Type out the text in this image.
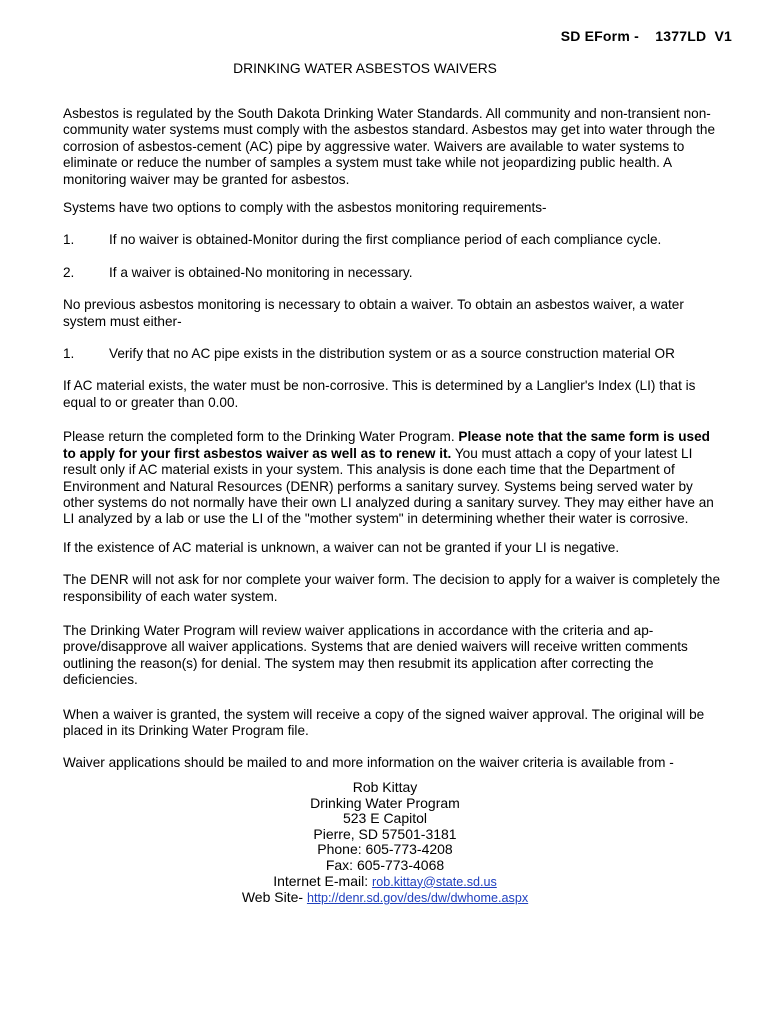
SD EForm -    1377LD  V1
DRINKING WATER ASBESTOS WAIVERS

Asbestos is regulated by the South Dakota Drinking Water Standards. All community and non-transient non-community water systems must comply with the asbestos standard. Asbestos may get into water through the corrosion of asbestos-cement (AC) pipe by aggressive water. Waivers are available to water systems to eliminate or reduce the number of samples a system must take while not jeopardizing public health. A monitoring waiver may be granted for asbestos.

Systems have two options to comply with the asbestos monitoring requirements-

1.	If no waiver is obtained-Monitor during the first compliance period of each compliance cycle.
2.	If a waiver is obtained-No monitoring in necessary.

No previous asbestos monitoring is necessary to obtain a waiver. To obtain an asbestos waiver, a water system must either-

1.	Verify that no AC pipe exists in the distribution system or as a source construction material OR

If AC material exists, the water must be non-corrosive. This is determined by a Langlier's Index (LI) that is equal to or greater than 0.00.

Please return the completed form to the Drinking Water Program. Please note that the same form is used to apply for your first asbestos waiver as well as to renew it. You must attach a copy of your latest LI result only if AC material exists in your system. This analysis is done each time that the Department of Environment and Natural Resources (DENR) performs a sanitary survey. Systems being served water by other systems do not normally have their own LI analyzed during a sanitary survey. They may either have an LI analyzed by a lab or use the LI of the "mother system" in determining whether their water is corrosive.

If the existence of AC material is unknown, a waiver can not be granted if your LI is negative.

The DENR will not ask for nor complete your waiver form. The decision to apply for a waiver is completely the responsibility of each water system.

The Drinking Water Program will review waiver applications in accordance with the criteria and ap-prove/disapprove all waiver applications. Systems that are denied waivers will receive written comments outlining the reason(s) for denial. The system may then resubmit its application after correcting the deficiencies.

When a waiver is granted, the system will receive a copy of the signed waiver approval. The original will be placed in its Drinking Water Program file.

Waiver applications should be mailed to and more information on the waiver criteria is available from -

Rob Kittay
Drinking Water Program
523 E Capitol
Pierre, SD 57501-3181
Phone: 605-773-4208
Fax: 605-773-4068
Internet E-mail: rob.kittay@state.sd.us
Web Site- http://denr.sd.gov/des/dw/dwhome.aspx
